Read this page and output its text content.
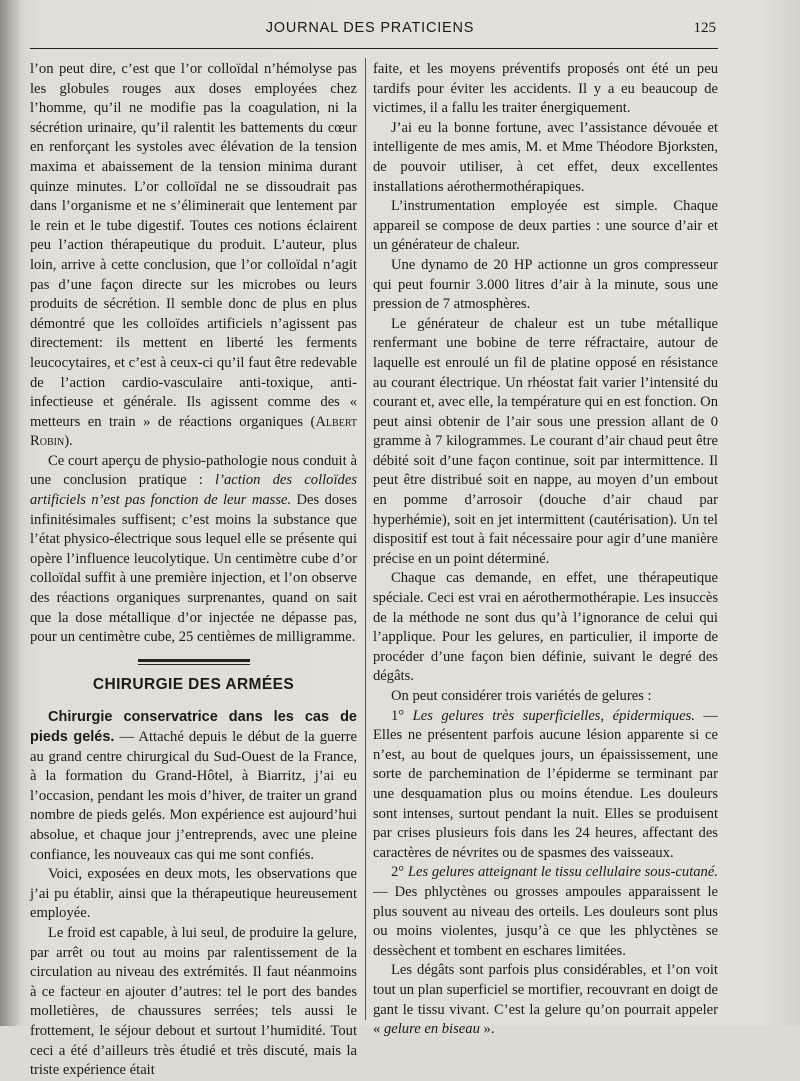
JOURNAL DES PRATICIENS	125

l’on peut dire, c’est que l’or colloïdal n’hémolyse pas les globules rouges aux doses employées chez l’homme, qu’il ne modifie pas la coagulation, ni la sécrétion urinaire, qu’il ralentit les battements du cœur en renforçant les systoles avec élévation de la tension maxima et abaissement de la tension minima durant quinze minutes. L’or colloïdal ne se dissoudrait pas dans l’organisme et ne s’éliminerait que lentement par le rein et le tube digestif. Toutes ces notions éclairent peu l’action thérapeutique du produit. L’auteur, plus loin, arrive à cette conclusion, que l’or colloïdal n’agit pas d’une façon directe sur les microbes ou leurs produits de sécrétion. Il semble donc de plus en plus démontré que les colloïdes artificiels n’agissent pas directement: ils mettent en liberté les ferments leucocytaires, et c’est à ceux-ci qu’il faut être redevable de l’action cardio-vasculaire anti-toxique, anti-infectieuse et générale. Ils agissent comme des « metteurs en train » de réactions organiques (Albert Robin).

Ce court aperçu de physio-pathologie nous conduit à une conclusion pratique : l’action des colloïdes artificiels n’est pas fonction de leur masse. Des doses infinitésimales suffisent; c’est moins la substance que l’état physico-électrique sous lequel elle se présente qui opère l’influence leucolytique. Un centimètre cube d’or colloïdal suffit à une première injection, et l’on observe des réactions organiques surprenantes, quand on sait que la dose métallique d’or injectée ne dépasse pas, pour un centimètre cube, 25 centièmes de milligramme.

CHIRURGIE DES ARMÉES

Chirurgie conservatrice dans les cas de pieds gelés. — Attaché depuis le début de la guerre au grand centre chirurgical du Sud-Ouest de la France, à la formation du Grand-Hôtel, à Biarritz, j’ai eu l’occasion, pendant les mois d’hiver, de traiter un grand nombre de pieds gelés. Mon expérience est aujourd’hui absolue, et chaque jour j’entreprends, avec une pleine confiance, les nouveaux cas qui me sont confiés.

Voici, exposées en deux mots, les observations que j’ai pu établir, ainsi que la thérapeutique heureusement employée.

Le froid est capable, à lui seul, de produire la gelure, par arrêt ou tout au moins par ralentissement de la circulation au niveau des extrémités. Il faut néanmoins à ce facteur en ajouter d’autres: tel le port des bandes molletières, de chaussures serrées; tels aussi le frottement, le séjour debout et surtout l’humidité. Tout ceci a été d’ailleurs très étudié et très discuté, mais la triste expérience était

faite, et les moyens préventifs proposés ont été un peu tardifs pour éviter les accidents. Il y a eu beaucoup de victimes, il a fallu les traiter énergiquement.

J’ai eu la bonne fortune, avec l’assistance dévouée et intelligente de mes amis, M. et Mme Théodore Bjorksten, de pouvoir utiliser, à cet effet, deux excellentes installations aérothermothérapiques.

L’instrumentation employée est simple. Chaque appareil se compose de deux parties : une source d’air et un générateur de chaleur.

Une dynamo de 20 HP actionne un gros compresseur qui peut fournir 3.000 litres d’air à la minute, sous une pression de 7 atmosphères.

Le générateur de chaleur est un tube métallique renfermant une bobine de terre réfractaire, autour de laquelle est enroulé un fil de platine opposé en résistance au courant électrique. Un rhéostat fait varier l’intensité du courant et, avec elle, la température qui en est fonction. On peut ainsi obtenir de l’air sous une pression allant de 0 gramme à 7 kilogrammes. Le courant d’air chaud peut être débité soit d’une façon continue, soit par intermittence. Il peut être distribué soit en nappe, au moyen d’un embout en pomme d’arrosoir (douche d’air chaud par hyperhémie), soit en jet intermittent (cautérisation). Un tel dispositif est tout à fait nécessaire pour agir d’une manière précise en un point déterminé.

Chaque cas demande, en effet, une thérapeutique spéciale. Ceci est vrai en aérothermothérapie. Les insuccès de la méthode ne sont dus qu’à l’ignorance de celui qui l’applique. Pour les gelures, en particulier, il importe de procéder d’une façon bien définie, suivant le degré des dégâts.

On peut considérer trois variétés de gelures :

1° Les gelures très superficielles, épidermiques. — Elles ne présentent parfois aucune lésion apparente si ce n’est, au bout de quelques jours, un épaississement, une sorte de parchemination de l’épiderme se terminant par une desquamation plus ou moins étendue. Les douleurs sont intenses, surtout pendant la nuit. Elles se produisent par crises plusieurs fois dans les 24 heures, affectant des caractères de névrites ou de spasmes des vaisseaux.

2° Les gelures atteignant le tissu cellulaire sous-cutané. — Des phlyctènes ou grosses ampoules apparaissent le plus souvent au niveau des orteils. Les douleurs sont plus ou moins violentes, jusqu’à ce que les phlyctènes se dessèchent et tombent en eschares limitées.

Les dégâts sont parfois plus considérables, et l’on voit tout un plan superficiel se mortifier, recouvrant en doigt de gant le tissu vivant. C’est la gelure qu’on pourrait appeler « gelure en biseau ».
